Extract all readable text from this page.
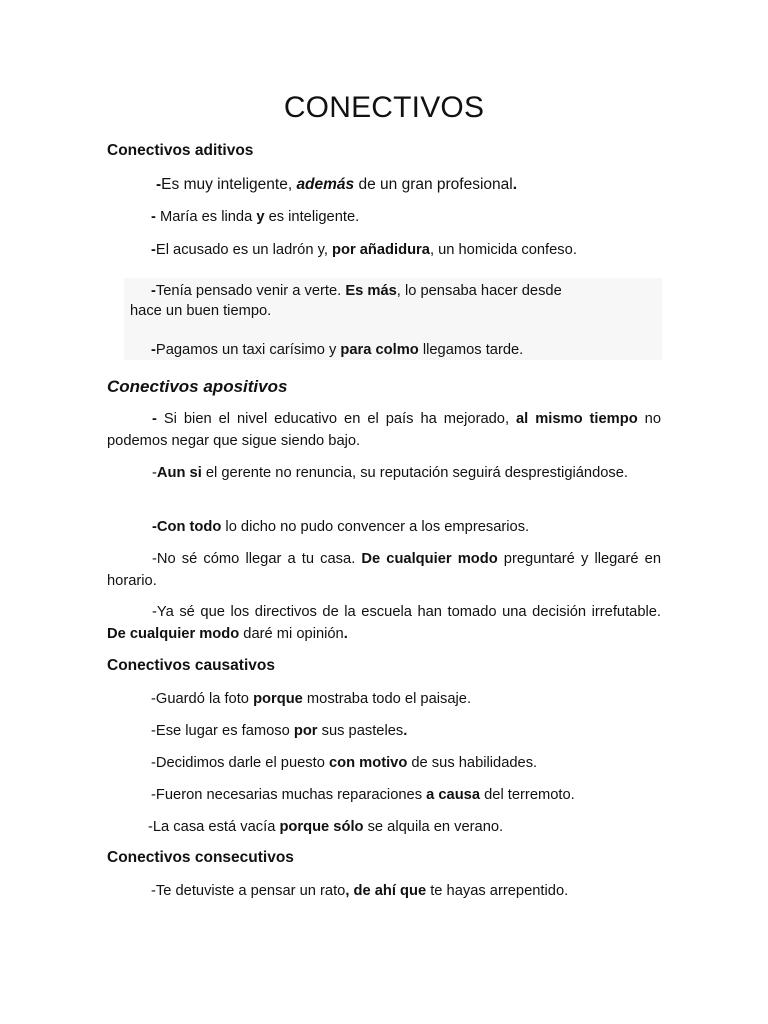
CONECTIVOS
Conectivos aditivos
-Es muy inteligente, además de un gran profesional.
- María es linda y es inteligente.
-El acusado es un ladrón y, por añadidura, un homicida confeso.
-Tenía pensado venir a verte. Es más, lo pensaba hacer desde
hace un buen tiempo.
-Pagamos un taxi carísimo y para colmo llegamos tarde.
Conectivos apositivos
- Si bien el nivel educativo en el país ha mejorado, al mismo tiempo no podemos negar que sigue siendo bajo.
-Aun si el gerente no renuncia, su reputación seguirá desprestigiándose.
-Con todo lo dicho no pudo convencer a los empresarios.
-No sé cómo llegar a tu casa. De cualquier modo preguntaré y llegaré en horario.
-Ya sé que los directivos de la escuela han tomado una decisión irrefutable. De cualquier modo daré mi opinión.
Conectivos causativos
-Guardó la foto porque mostraba todo el paisaje.
-Ese lugar es famoso por sus pasteles.
-Decidimos darle el puesto con motivo de sus habilidades.
-Fueron necesarias muchas reparaciones a causa del terremoto.
-La casa está vacía porque sólo se alquila en verano.
Conectivos consecutivos
-Te detuviste a pensar un rato, de ahí que te hayas arrepentido.
